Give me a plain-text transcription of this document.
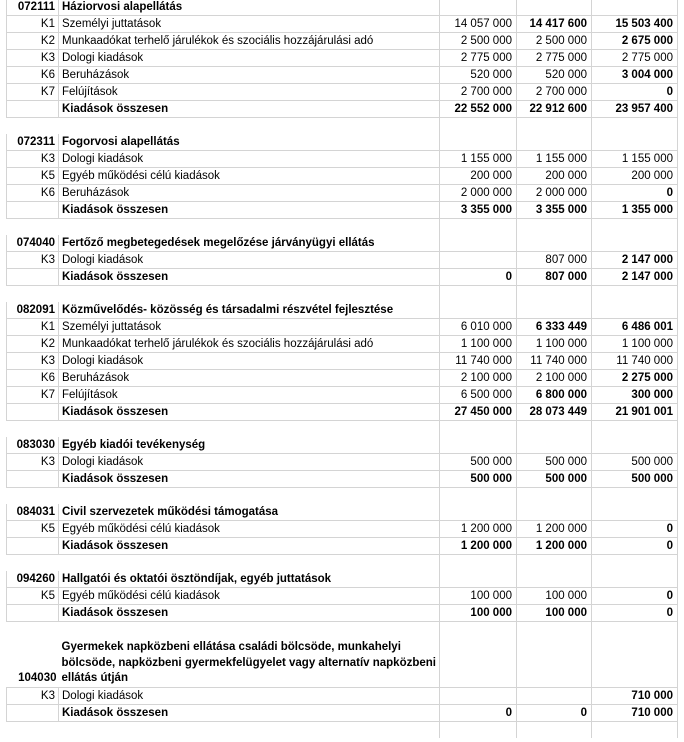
072111	Háziorvosi alapellátás			
K1	Személyi juttatások	14 057 000	14 417 600	15 503 400
K2	Munkaadókat terhelő járulékok és szociális hozzájárulási adó	2 500 000	2 500 000	2 675 000
K3	Dologi kiadások	2 775 000	2 775 000	2 775 000
K6	Beruházások	520 000	520 000	3 004 000
K7	Felújítások	2 700 000	2 700 000	0
	Kiadások összesen	22 552 000	22 912 600	23 957 400

072311	Fogorvosi alapellátás			
K3	Dologi kiadások	1 155 000	1 155 000	1 155 000
K5	Egyéb működési célú kiadások	200 000	200 000	200 000
K6	Beruházások	2 000 000	2 000 000	0
	Kiadások összesen	3 355 000	3 355 000	1 355 000

074040	Fertőző megbetegedések megelőzése járványügyi ellátás			
K3	Dologi kiadások		807 000	2 147 000
	Kiadások összesen	0	807 000	2 147 000

082091	Közművelődés- közösség és társadalmi részvétel fejlesztése			
K1	Személyi juttatások	6 010 000	6 333 449	6 486 001
K2	Munkaadókat terhelő járulékok és szociális hozzájárulási adó	1 100 000	1 100 000	1 100 000
K3	Dologi kiadások	11 740 000	11 740 000	11 740 000
K6	Beruházások	2 100 000	2 100 000	2 275 000
K7	Felújítások	6 500 000	6 800 000	300 000
	Kiadások összesen	27 450 000	28 073 449	21 901 001

083030	Egyéb kiadói tevékenység			
K3	Dologi kiadások	500 000	500 000	500 000
	Kiadások összesen	500 000	500 000	500 000

084031	Civil szervezetek működési támogatása			
K5	Egyéb működési célú kiadások	1 200 000	1 200 000	0
	Kiadások összesen	1 200 000	1 200 000	0

094260	Hallgatói és oktatói ösztöndíjak, egyéb juttatások			
K5	Egyéb működési célú kiadások	100 000	100 000	0
	Kiadások összesen	100 000	100 000	0

104030	Gyermekek napközbeni ellátása családi bölcsöde, munkahelyi bölcsöde, napközbeni gyermekfelügyelet vagy alternatív napközbeni ellátás útján			
K3	Dologi kiadások			710 000
	Kiadások összesen	0	0	710 000
